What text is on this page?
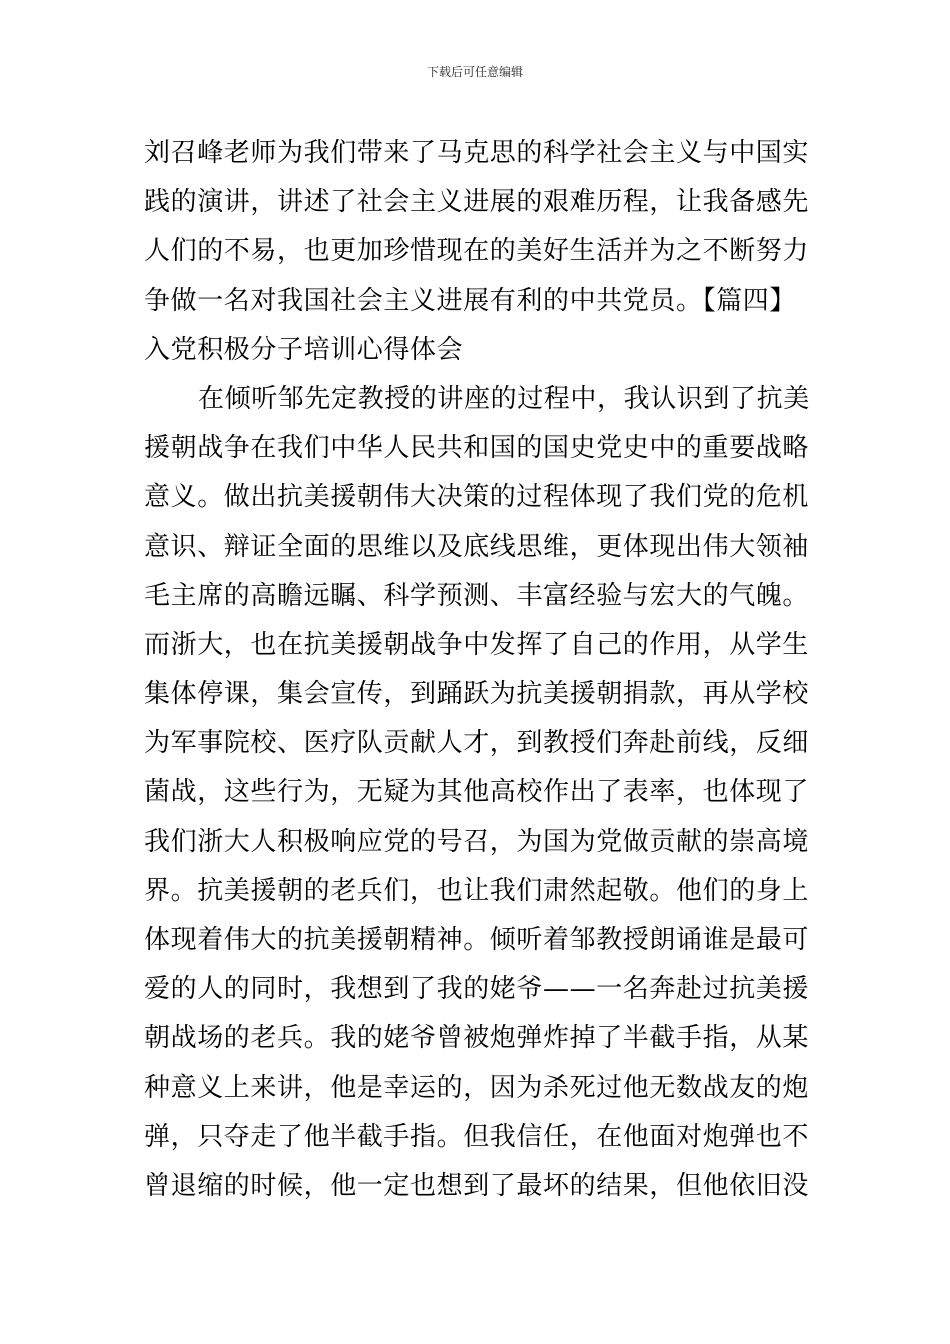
下载后可任意编辑
刘召峰老师为我们带来了马克思的科学社会主义与中国实
践的演讲，讲述了社会主义进展的艰难历程，让我备感先
人们的不易，也更加珍惜现在的美好生活并为之不断努力
争做一名对我国社会主义进展有利的中共党员。【篇四】
入党积极分子培训心得体会
在倾听邹先定教授的讲座的过程中，我认识到了抗美
援朝战争在我们中华人民共和国的国史党史中的重要战略
意义。做出抗美援朝伟大决策的过程体现了我们党的危机
意识、辩证全面的思维以及底线思维，更体现出伟大领袖
毛主席的高瞻远瞩、科学预测、丰富经验与宏大的气魄。
而浙大，也在抗美援朝战争中发挥了自己的作用，从学生
集体停课，集会宣传，到踊跃为抗美援朝捐款，再从学校
为军事院校、医疗队贡献人才，到教授们奔赴前线，反细
菌战，这些行为，无疑为其他高校作出了表率，也体现了
我们浙大人积极响应党的号召，为国为党做贡献的崇高境
界。抗美援朝的老兵们，也让我们肃然起敬。他们的身上
体现着伟大的抗美援朝精神。倾听着邹教授朗诵谁是最可
爱的人的同时，我想到了我的姥爷——一名奔赴过抗美援
朝战场的老兵。我的姥爷曾被炮弹炸掉了半截手指，从某
种意义上来讲，他是幸运的，因为杀死过他无数战友的炮
弹，只夺走了他半截手指。但我信任，在他面对炮弹也不
曾退缩的时候，他一定也想到了最坏的结果，但他依旧没
